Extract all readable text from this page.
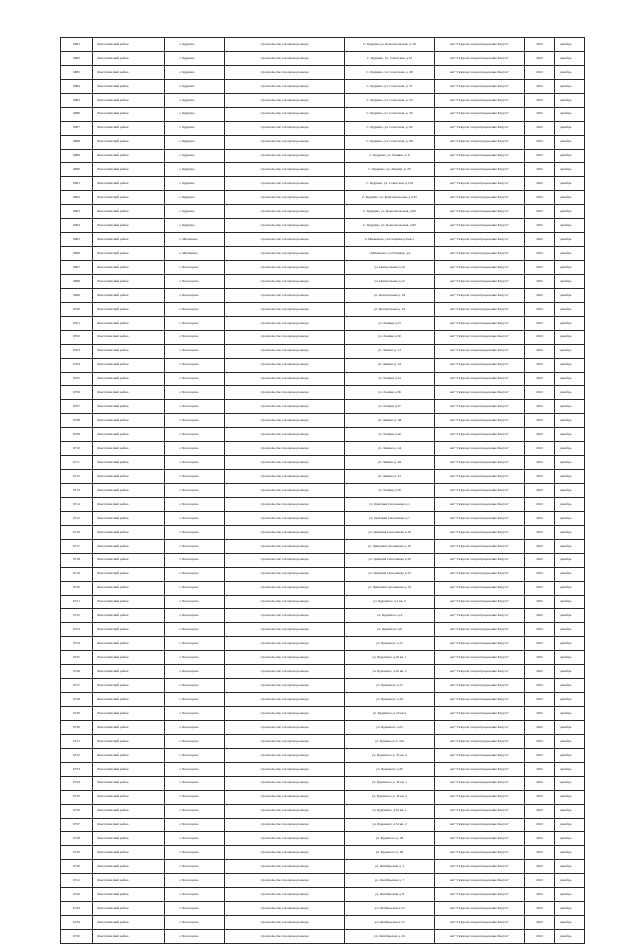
6681	Хвастовичский район	с. Кудрино	строительство газопровода-ввода	С. Кудрино,ул. Комсомольская, д. 29	АО "Газпром газораспределение Калуга"	2022	декабрь
6682	Хвастовичский район	с. Кудрино	строительство газопровода-ввода	С. Кудрино, ул. Советская, д.23	АО "Газпром газораспределение Калуга"	2022	декабрь
6683	Хвастовичский район	с. Кудрино	строительство газопровода-ввода	С. Кудрино, ул. Советская, д. 48	АО "Газпром газораспределение Калуга"	2022	декабрь
6684	Хвастовичский район	с. Кудрино	строительство газопровода-ввода	С. Кудрино, ул. Советская, д. 51	АО "Газпром газораспределение Калуга"	2022	декабрь
6685	Хвастовичский район	с. Кудрино	строительство газопровода-ввода	С. Кудрино, ул. Советская, д. 52	АО "Газпром газораспределение Калуга"	2022	декабрь
6686	Хвастовичский район	с. Кудрино	строительство газопровода-ввода	С. Кудрино, ул. Советская, д. 56	АО "Газпром газораспределение Калуга"	2022	декабрь
6687	Хвастовичский район	с. Кудрино	строительство газопровода-ввода	С. Кудрино, ул. Советская, д. 62	АО "Газпром газораспределение Калуга"	2022	декабрь
6688	Хвастовичский район	с. Кудрино	строительство газопровода-ввода	С. Кудрино, ул. Советская, д. 68	АО "Газпром газораспределение Калуга"	2022	декабрь
6689	Хвастовичский район	с. Кудрино	строительство газопровода-ввода	С. Кудрино, ул. Ленина, д. 6	АО "Газпром газораспределение Калуга"	2022	декабрь
6690	Хвастовичский район	с. Кудрино	строительство газопровода-ввода	С. Кудрино, ул. Ленина, д. 29	АО "Газпром газораспределение Калуга"	2022	декабрь
6691	Хвастовичский район	с. Кудрино	строительство газопровода-ввода	С. Кудрино, ул. Советская, д.156	АО "Газпром газораспределение Калуга"	2022	декабрь
6692	Хвастовичский район	с. Кудрино	строительство газопровода-ввода	С. Кудрино, ул. Комсомольская, д.5/1б	АО "Газпром газораспределение Калуга"	2022	декабрь
6693	Хвастовичский район	с. Кудрино	строительство газопровода-ввода	С. Кудрино, ул. Комсомольская, д.66	АО "Газпром газораспределение Калуга"	2022	декабрь
6694	Хвастовичский район	с. Кудрино	строительство газопровода-ввода	С. Кудрино, ул. Комсомольская, д.82	АО "Газпром газораспределение Калуга"	2022	декабрь
6695	Хвастовичский район	с. Милюково	строительство газопровода-ввода	С.Милюково, ул.Гагарина,д.9,кв.1	АО "Газпром газораспределение Калуга"	2022	декабрь
6696	Хвастовичский район	с. Милюково	строительство газопровода-ввода	с.Милюково, ул.Полевая, д.4	АО "Газпром газораспределение Калуга"	2022	декабрь
6697	Хвастовичский район	с. Белозерово	строительство газопровода-ввода	ул. Центральная д.10	АО "Газпром газораспределение Калуга"	2022	декабрь
6698	Хвастовичский район	с. Белозерово	строительство газопровода-ввода	ул. Центральная д.12	АО "Газпром газораспределение Калуга"	2022	декабрь
6699	Хвастовичский район	с. Белозерово	строительство газопровода-ввода	ул. Центральная д. 18	АО "Газпром газораспределение Калуга"	2022	декабрь
6700	Хвастовичский район	с. Белозерово	строительство газопровода-ввода	ул. Центральная д. 19	АО "Газпром газораспределение Калуга"	2022	декабрь
6701	Хвастовичский район	с. Белозерово	строительство газопровода-ввода	ул. Ленина д.23	АО "Газпром газораспределение Калуга"	2022	декабрь
6702	Хвастовичский район	с. Белозерово	строительство газопровода-ввода	ул. Ленина д.30	АО "Газпром газораспределение Калуга"	2022	декабрь
6703	Хвастовичский район	с. Белозерово	строительство газопровода-ввода	ул. Ленина д. 31	АО "Газпром газораспределение Калуга"	2022	декабрь
6704	Хвастовичский район	с. Белозерово	строительство газопровода-ввода	ул. Ленина д. 32	АО "Газпром газораспределение Калуга"	2022	декабрь
6705	Хвастовичский район	с. Белозерово	строительство газопровода-ввода	ул. Ленина д.34	АО "Газпром газораспределение Калуга"	2022	декабрь
6706	Хвастовичский район	с. Белозерово	строительство газопровода-ввода	ул. Ленина д.36	АО "Газпром газораспределение Калуга"	2022	декабрь
6707	Хвастовичский район	с. Белозерово	строительство газопровода-ввода	ул. Ленина д.37	АО "Газпром газораспределение Калуга"	2022	декабрь
6708	Хвастовичский район	с. Белозерово	строительство газопровода-ввода	ул. Ленина д. 38	АО "Газпром газораспределение Калуга"	2022	декабрь
6709	Хвастовичский район	с. Белозерово	строительство газопровода-ввода	ул. Ленина д.40	АО "Газпром газораспределение Калуга"	2022	декабрь
6710	Хвастовичский район	с. Белозерово	строительство газопровода-ввода	ул. Ленина д. 44	АО "Газпром газораспределение Калуга"	2022	декабрь
6711	Хвастовичский район	с. Белозерово	строительство газопровода-ввода	ул. Ленина д. 46	АО "Газпром газораспределение Калуга"	2022	декабрь
6712	Хвастовичский район	с. Белозерово	строительство газопровода-ввода	ул. Ленина д. 47	АО "Газпром газораспределение Калуга"	2022	декабрь
6713	Хвастовичский район	с. Белозерово	строительство газопровода-ввода	ул. Ленина д.50	АО "Газпром газораспределение Калуга"	2022	декабрь
6714	Хвастовичский район	с. Белозерово	строительство газопровода-ввода	ул. Дмитрия Сисоенкова д.1	АО "Газпром газораспределение Калуга"	2022	декабрь
6715	Хвастовичский район	с. Белозерово	строительство газопровода-ввода	ул. Дмитрия Сисоенкова д.7	АО "Газпром газораспределение Калуга"	2022	декабрь
6716	Хвастовичский район	с. Белозерово	строительство газопровода-ввода	ул. Дмитрия Сисоенкова д.19	АО "Газпром газораспределение Калуга"	2022	декабрь
6717	Хвастовичский район	с. Белозерово	строительство газопровода-ввода	ул. Дмитрия Сисоенкова д. 25	АО "Газпром газораспределение Калуга"	2022	декабрь
6718	Хвастовичский район	с. Белозерово	строительство газопровода-ввода	ул. Дмитрия Сисоенкова д.30	АО "Газпром газораспределение Калуга"	2022	декабрь
6719	Хвастовичский район	с. Белозерово	строительство газопровода-ввода	ул. Дмитрия Сисоенкова д.32	АО "Газпром газораспределение Калуга"	2022	декабрь
6720	Хвастовичский район	с. Белозерово	строительство газопровода-ввода	ул. Дмитрия Сисоенкова д. 35	АО "Газпром газораспределение Калуга"	2022	декабрь
6721	Хвастовичский район	с. Белозерово	строительство газопровода-ввода	ул. Буденного д.1 кв. 2	АО "Газпром газораспределение Калуга"	2022	декабрь
6722	Хвастовичский район	с. Белозерово	строительство газопровода-ввода	ул. Буденного д.4	АО "Газпром газораспределение Калуга"	2022	декабрь
6723	Хвастовичский район	с. Белозерово	строительство газопровода-ввода	ул. Буденного д.8	АО "Газпром газораспределение Калуга"	2022	декабрь
6724	Хвастовичский район	с. Белозерово	строительство газопровода-ввода	ул. Буденного д.15	АО "Газпром газораспределение Калуга"	2022	декабрь
6725	Хвастовичский район	с. Белозерово	строительство газопровода-ввода	ул. Буденного д.16 кв. 1	АО "Газпром газораспределение Калуга"	2022	декабрь
6726	Хвастовичский район	с. Белозерово	строительство газопровода-ввода	ул. Буденного д.16 кв. 2	АО "Газпром газораспределение Калуга"	2022	декабрь
6727	Хвастовичский район	с. Белозерово	строительство газопровода-ввода	ул. Буденного д.17	АО "Газпром газораспределение Калуга"	2022	декабрь
6728	Хвастовичский район	с. Белозерово	строительство газопровода-ввода	ул. Буденного д.18	АО "Газпром газораспределение Калуга"	2022	декабрь
6729	Хвастовичский район	с. Белозерово	строительство газопровода-ввода	ул. Буденного д.19 кв.2	АО "Газпром газораспределение Калуга"	2022	декабрь
6730	Хвастовичский район	с. Белозерово	строительство газопровода-ввода	ул. Буденного д.23	АО "Газпром газораспределение Калуга"	2022	декабрь
6731	Хвастовичский район	с. Белозерово	строительство газопровода-ввода	ул. Буденного д. 24а	АО "Газпром газораспределение Калуга"	2022	декабрь
6732	Хвастовичский район	с. Белозерово	строительство газопровода-ввода	ул. Буденного д. 25 кв. 2	АО "Газпром газораспределение Калуга"	2022	декабрь
6733	Хвастовичский район	с. Белозерово	строительство газопровода-ввода	ул. Буденного д.30	АО "Газпром газораспределение Калуга"	2022	декабрь
6734	Хвастовичский район	с. Белозерово	строительство газопровода-ввода	ул. Буденного д. 32 кв. 1	АО "Газпром газораспределение Калуга"	2022	декабрь
6735	Хвастовичский район	с. Белозерово	строительство газопровода-ввода	ул. Буденного д. 32 кв. 2	АО "Газпром газораспределение Калуга"	2022	декабрь
6736	Хвастовичский район	с. Белозерово	строительство газопровода-ввода	ул. Буденного д.34 кв. 1	АО "Газпром газораспределение Калуга"	2022	декабрь
6737	Хвастовичский район	с. Белозерово	строительство газопровода-ввода	ул. Буденного д.34 кв. 2	АО "Газпром газораспределение Калуга"	2022	декабрь
6738	Хвастовичский район	с. Белозерово	строительство газопровода-ввода	ул. Буденного д. 46	АО "Газпром газораспределение Калуга"	2022	декабрь
6739	Хвастовичский район	с. Белозерово	строительство газопровода-ввода	ул. Буденного д. 49	АО "Газпром газораспределение Калуга"	2022	декабрь
6740	Хвастовичский район	с. Белозерово	строительство газопровода-ввода	ул. Октябрьская д. 4	АО "Газпром газораспределение Калуга"	2022	декабрь
6741	Хвастовичский район	с. Белозерово	строительство газопровода-ввода	ул. Октябрьская д. 7	АО "Газпром газораспределение Калуга"	2022	декабрь
6742	Хвастовичский район	с. Белозерово	строительство газопровода-ввода	ул. Октябрьская д. 8	АО "Газпром газораспределение Калуга"	2022	декабрь
6743	Хвастовичский район	с. Белозерово	строительство газопровода-ввода	ул. Октябрьская д.12	АО "Газпром газораспределение Калуга"	2022	декабрь
6744	Хвастовичский район	с. Белозерово	строительство газопровода-ввода	ул. Октябрьская д.13	АО "Газпром газораспределение Калуга"	2022	декабрь
6745	Хвастовичский район	с. Белозерово	строительство газопровода-ввода	ул. Октябрьская д. 24	АО "Газпром газораспределение Калуга"	2022	декабрь
